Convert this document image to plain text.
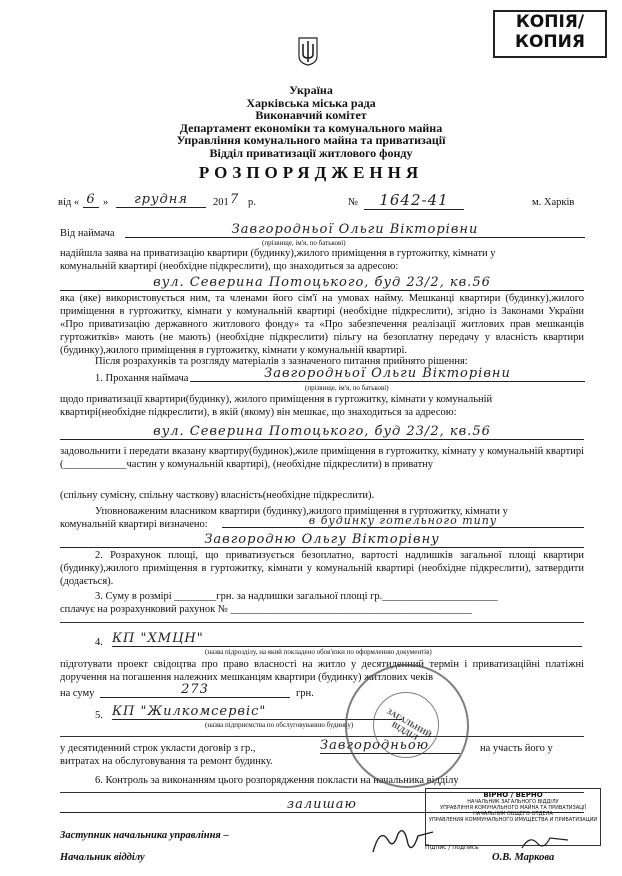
КОПІЯ/
КОПИЯ
Україна
Харківська міська рада
Виконавчий комітет
Департамент економіки та комунального майна
Управління комунального майна та приватизації
Відділ приватизації житлового фонду
РОЗПОРЯДЖЕННЯ
від « 6 »	грудня	201 7 р.	№	1642-41	м. Харків
Від наймача	Завгородньої Ольги Вікторівни
(прізвище, ім'я, по батькові)
надійшла заява на приватизацію квартири (будинку),жилого приміщення в гуртожитку, кімнати у
комунальній квартирі (необхідне підкреслити), що знаходиться за адресою:
вул. Северина Потоцького, буд 23/2, кв.56
яка (яке) використовується ним, та членами його сім'ї на умовах найму. Мешканці квартири (будинку),жилого приміщення в гуртожитку, кімнати у комунальній квартирі (необхідне підкреслити), згідно із Законами України «Про приватизацію державного житлового фонду» та «Про забезпечення реалізації житлових прав мешканців гуртожитків» мають (не мають) (необхідне підкреслити) пільгу на безоплатну передачу у власність квартири (будинку),жилого приміщення в гуртожитку, кімнати у комунальній квартирі.
Після розрахунків та розгляду матеріалів з зазначеного питання прийнято рішення:
1. Прохання наймача	Завгородньої Ольги Вікторівни
(прізвище, ім'я, по батькові)
щодо приватизації квартири(будинку), жилого приміщення в гуртожитку, кімнати у комунальній
квартирі(необхідне підкреслити), в якій (якому) він мешкає, що знаходиться за адресою:
вул. Северина Потоцького, буд 23/2, кв.56
задовольнити і передати вказану квартиру(будинок),жиле приміщення в гуртожитку, кімнату у комунальній квартирі (____________частин у комунальній квартирі), (необхідне підкреслити) в приватну
(спільну сумісну, спільну часткову) власність(необхідне підкреслити).
Уповноваженим власником квартири (будинку),жилого приміщення в гуртожитку, кімнати у
комунальній квартирі визначено:	в будинку готельного типу
Завгородню Ольгу Вікторівну
2. Розрахунок площі, що приватизується безоплатно, вартості надлишків загальної площі квартири (будинку),жилого приміщення в гуртожитку, кімнати у комунальній квартирі (необхідне підкреслити), затвердити (додається).
3. Суму в розмірі ________грн. за надлишки загальної площі гр.______________________
сплачує на розрахунковий рахунок № ______________________________________________
4. КП "ХМЦН"
(назва підрозділу, на який покладено обов'язки по оформленню документів)
підготувати проект свідоцтва про право власності на житло у десятиденний термін і приватизаційні платіжні доручення на погашення належних мешканцям квартири (будинку) житлових чеків
на суму	273	грн.
5. КП "Жилкомсервіс"
(назва підприємства по обслуговуванню будинку)
у десятиденний строк укласти договір з гр.,	Завгородньою	на участь його у
витратах на обслуговування та ремонт будинку.
6. Контроль за виконанням цього розпорядження покласти на начальника відділу
залишаю
Заступник начальника управління –
Начальник відділу	О.В. Маркова
ЗАГАЛЬНИЙ ВІДДІЛ
ВІРНО / ВЕРНО
НАЧАЛЬНИК ЗАГАЛЬНОГО ВІДДІЛУ
УПРАВЛІННЯ КОМУНАЛЬНОГО МАЙНА ТА ПРИВАТИЗАЦІЇ
НАЧАЛЬНИК ОБЩЕГО ОТДЕЛА
УПРАВЛЕНИЯ КОММУНАЛЬНОГО ИМУЩЕСТВА И ПРИВАТИЗАЦИИ
Підпис / подпись
